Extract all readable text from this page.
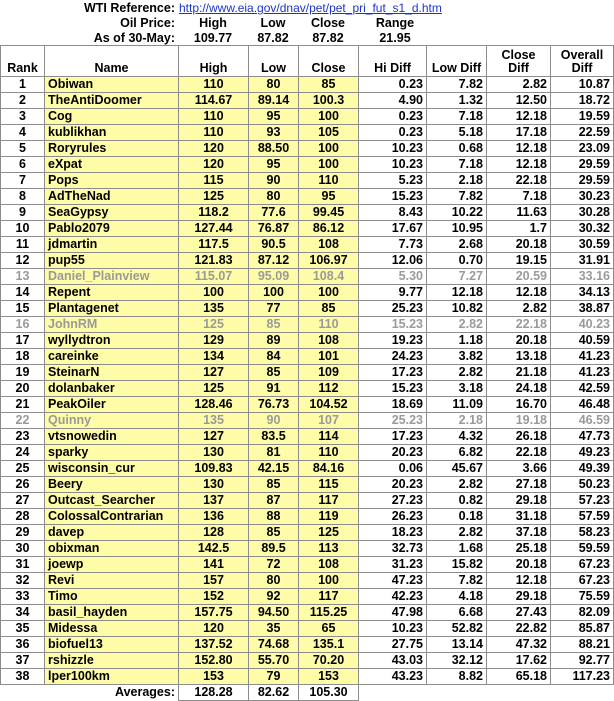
WTI Reference: http://www.eia.gov/dnav/pet/pet_pri_fut_s1_d.htm
Oil Price:	High	Low	Close	Range
As of 30-May:	109.77	87.82	87.82	21.95
Rank	Name	High	Low	Close	Hi Diff	Low Diff	Close Diff	Overall Diff
1	Obiwan	110	80	85	0.23	7.82	2.82	10.87
2	TheAntiDoomer	114.67	89.14	100.3	4.90	1.32	12.50	18.72
3	Cog	110	95	100	0.23	7.18	12.18	19.59
4	kublikhan	110	93	105	0.23	5.18	17.18	22.59
5	Roryrules	120	88.50	100	10.23	0.68	12.18	23.09
6	eXpat	120	95	100	10.23	7.18	12.18	29.59
7	Pops	115	90	110	5.23	2.18	22.18	29.59
8	AdTheNad	125	80	95	15.23	7.82	7.18	30.23
9	SeaGypsy	118.2	77.6	99.45	8.43	10.22	11.63	30.28
10	Pablo2079	127.44	76.87	86.12	17.67	10.95	1.7	30.32
11	jdmartin	117.5	90.5	108	7.73	2.68	20.18	30.59
12	pup55	121.83	87.12	106.97	12.06	0.70	19.15	31.91
13	Daniel_Plainview	115.07	95.09	108.4	5.30	7.27	20.59	33.16
14	Repent	100	100	100	9.77	12.18	12.18	34.13
15	Plantagenet	135	77	85	25.23	10.82	2.82	38.87
16	JohnRM	125	85	110	15.23	2.82	22.18	40.23
17	wyllydtron	129	89	108	19.23	1.18	20.18	40.59
18	careinke	134	84	101	24.23	3.82	13.18	41.23
19	SteinarN	127	85	109	17.23	2.82	21.18	41.23
20	dolanbaker	125	91	112	15.23	3.18	24.18	42.59
21	PeakOiler	128.46	76.73	104.52	18.69	11.09	16.70	46.48
22	Quinny	135	90	107	25.23	2.18	19.18	46.59
23	vtsnowedin	127	83.5	114	17.23	4.32	26.18	47.73
24	sparky	130	81	110	20.23	6.82	22.18	49.23
25	wisconsin_cur	109.83	42.15	84.16	0.06	45.67	3.66	49.39
26	Beery	130	85	115	20.23	2.82	27.18	50.23
27	Outcast_Searcher	137	87	117	27.23	0.82	29.18	57.23
28	ColossalContrarian	136	88	119	26.23	0.18	31.18	57.59
29	davep	128	85	125	18.23	2.82	37.18	58.23
30	obixman	142.5	89.5	113	32.73	1.68	25.18	59.59
31	joewp	141	72	108	31.23	15.82	20.18	67.23
32	Revi	157	80	100	47.23	7.82	12.18	67.23
33	Timo	152	92	117	42.23	4.18	29.18	75.59
34	basil_hayden	157.75	94.50	115.25	47.98	6.68	27.43	82.09
35	Midessa	120	35	65	10.23	52.82	22.82	85.87
36	biofuel13	137.52	74.68	135.1	27.75	13.14	47.32	88.21
37	rshizzle	152.80	55.70	70.20	43.03	32.12	17.62	92.77
38	lper100km	153	79	153	43.23	8.82	65.18	117.23
	Averages:	128.28	82.62	105.30				
